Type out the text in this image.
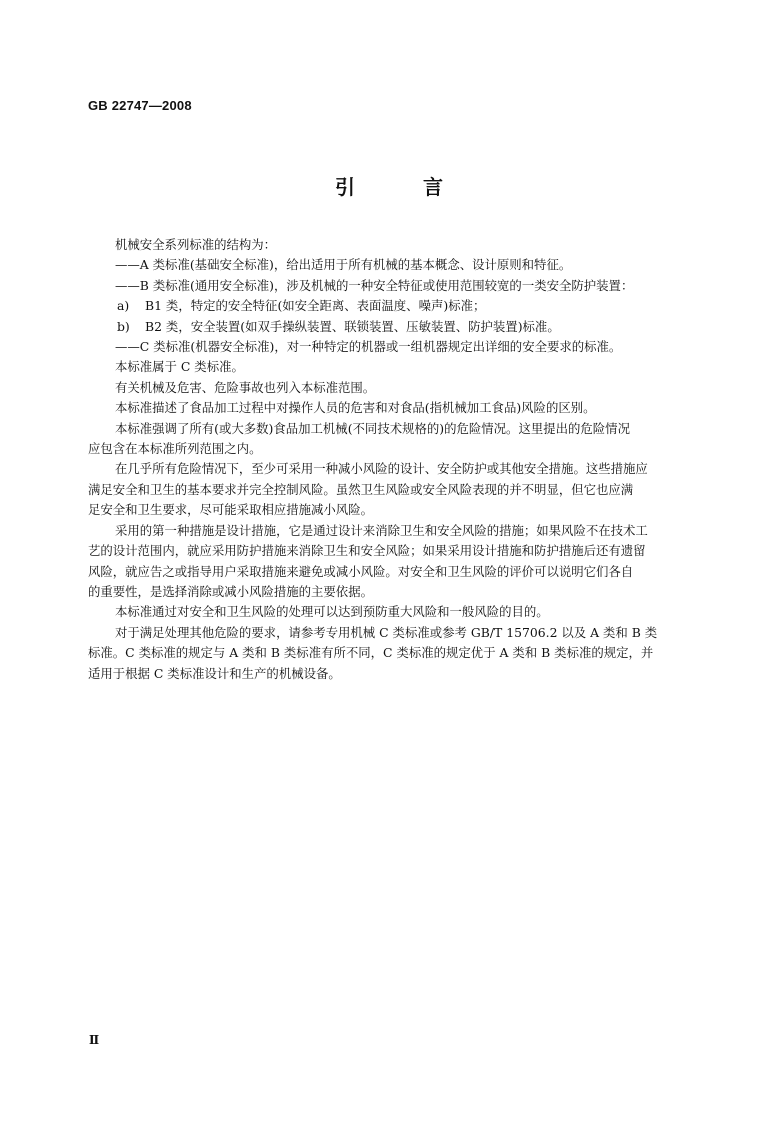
GB 22747—2008
引　言

机械安全系列标准的结构为：

——A 类标准(基础安全标准)，给出适用于所有机械的基本概念、设计原则和特征。

——B 类标准(通用安全标准)，涉及机械的一种安全特征或使用范围较宽的一类安全防护装置：

a) B1 类，特定的安全特征(如安全距离、表面温度、噪声)标准；

b) B2 类，安全装置(如双手操纵装置、联锁装置、压敏装置、防护装置)标准。

——C 类标准(机器安全标准)，对一种特定的机器或一组机器规定出详细的安全要求的标准。

本标准属于 C 类标准。

有关机械及危害、危险事故也列入本标准范围。

本标准描述了食品加工过程中对操作人员的危害和对食品(指机械加工食品)风险的区别。

本标准强调了所有(或大多数)食品加工机械(不同技术规格的)的危险情况。这里提出的危险情况

应包含在本标准所列范围之内。

在几乎所有危险情况下，至少可采用一种减小风险的设计、安全防护或其他安全措施。这些措施应

满足安全和卫生的基本要求并完全控制风险。虽然卫生风险或安全风险表现的并不明显，但它也应满

足安全和卫生要求，尽可能采取相应措施减小风险。

采用的第一种措施是设计措施，它是通过设计来消除卫生和安全风险的措施；如果风险不在技术工

艺的设计范围内，就应采用防护措施来消除卫生和安全风险；如果采用设计措施和防护措施后还有遗留

风险，就应告之或指导用户采取措施来避免或减小风险。对安全和卫生风险的评价可以说明它们各自

的重要性，是选择消除或减小风险措施的主要依据。

本标准通过对安全和卫生风险的处理可以达到预防重大风险和一般风险的目的。

对于满足处理其他危险的要求，请参考专用机械 C 类标准或参考 GB/T 15706.2 以及 A 类和 B 类

标准。C 类标准的规定与 A 类和 B 类标准有所不同，C 类标准的规定优于 A 类和 B 类标准的规定，并

适用于根据 C 类标准设计和生产的机械设备。

Ⅱ
